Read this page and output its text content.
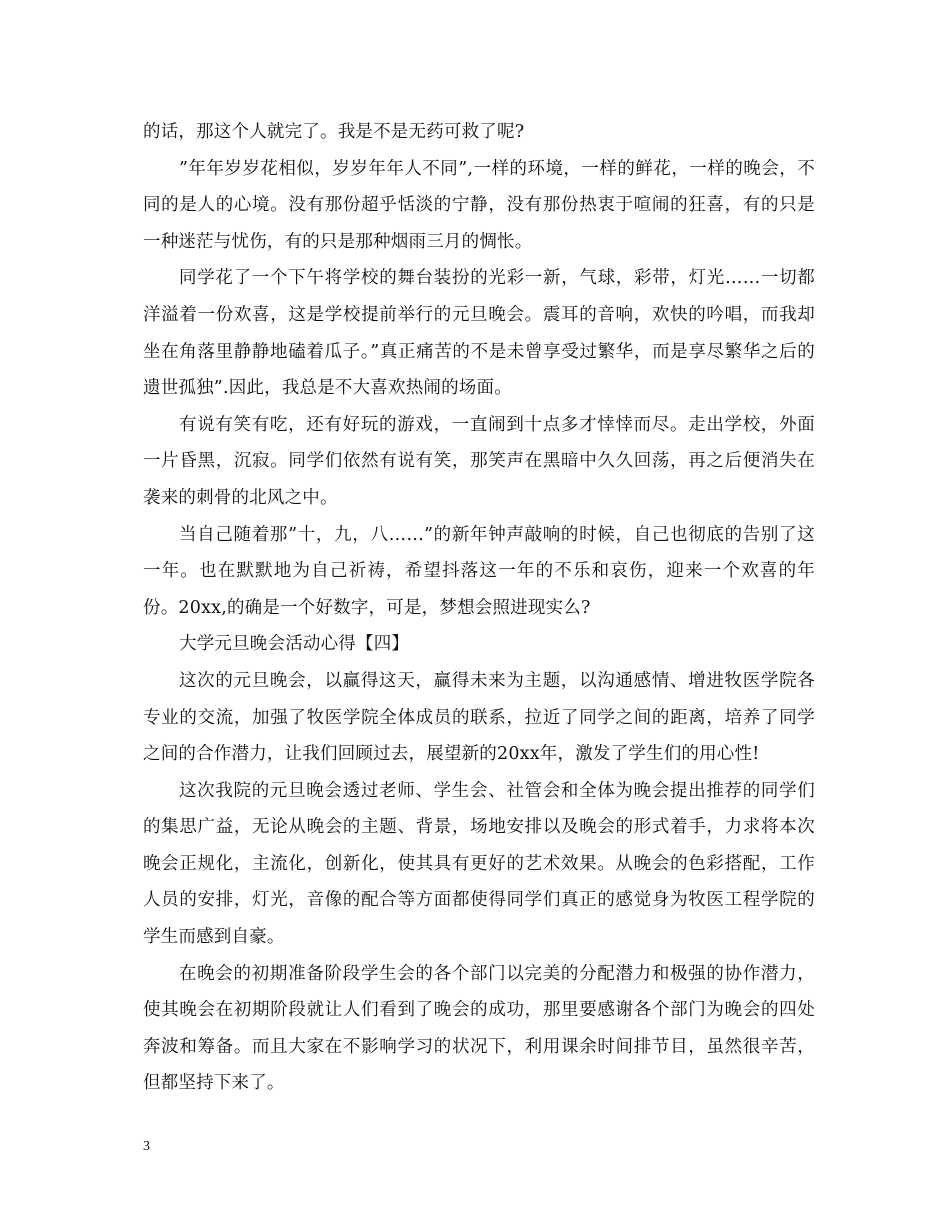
的话，那这个人就完了。我是不是无药可救了呢?

”年年岁岁花相似，岁岁年年人不同”,一样的环境，一样的鲜花，一样的晚会，不同的是人的心境。没有那份超乎恬淡的宁静，没有那份热衷于喧闹的狂喜，有的只是一种迷茫与忧伤，有的只是那种烟雨三月的惆怅。

同学花了一个下午将学校的舞台装扮的光彩一新，气球，彩带，灯光……一切都洋溢着一份欢喜，这是学校提前举行的元旦晚会。震耳的音响，欢快的吟唱，而我却坐在角落里静静地磕着瓜子。”真正痛苦的不是未曾享受过繁华，而是享尽繁华之后的遗世孤独”.因此，我总是不大喜欢热闹的场面。

有说有笑有吃，还有好玩的游戏，一直闹到十点多才悻悻而尽。走出学校，外面一片昏黑，沉寂。同学们依然有说有笑，那笑声在黑暗中久久回荡，再之后便消失在袭来的刺骨的北风之中。

当自己随着那”十，九，八……”的新年钟声敲响的时候，自己也彻底的告别了这一年。也在默默地为自己祈祷，希望抖落这一年的不乐和哀伤，迎来一个欢喜的年份。20xx,的确是一个好数字，可是，梦想会照进现实么?

大学元旦晚会活动心得【四】

这次的元旦晚会，以赢得这天，赢得未来为主题，以沟通感情、增进牧医学院各专业的交流，加强了牧医学院全体成员的联系，拉近了同学之间的距离，培养了同学之间的合作潜力，让我们回顾过去，展望新的20xx年，激发了学生们的用心性!

这次我院的元旦晚会透过老师、学生会、社管会和全体为晚会提出推荐的同学们的集思广益，无论从晚会的主题、背景，场地安排以及晚会的形式着手，力求将本次晚会正规化，主流化，创新化，使其具有更好的艺术效果。从晚会的色彩搭配，工作人员的安排，灯光，音像的配合等方面都使得同学们真正的感觉身为牧医工程学院的学生而感到自豪。

在晚会的初期准备阶段学生会的各个部门以完美的分配潜力和极强的协作潜力，使其晚会在初期阶段就让人们看到了晚会的成功，那里要感谢各个部门为晚会的四处奔波和筹备。而且大家在不影响学习的状况下，利用课余时间排节目，虽然很辛苦，但都坚持下来了。

3
